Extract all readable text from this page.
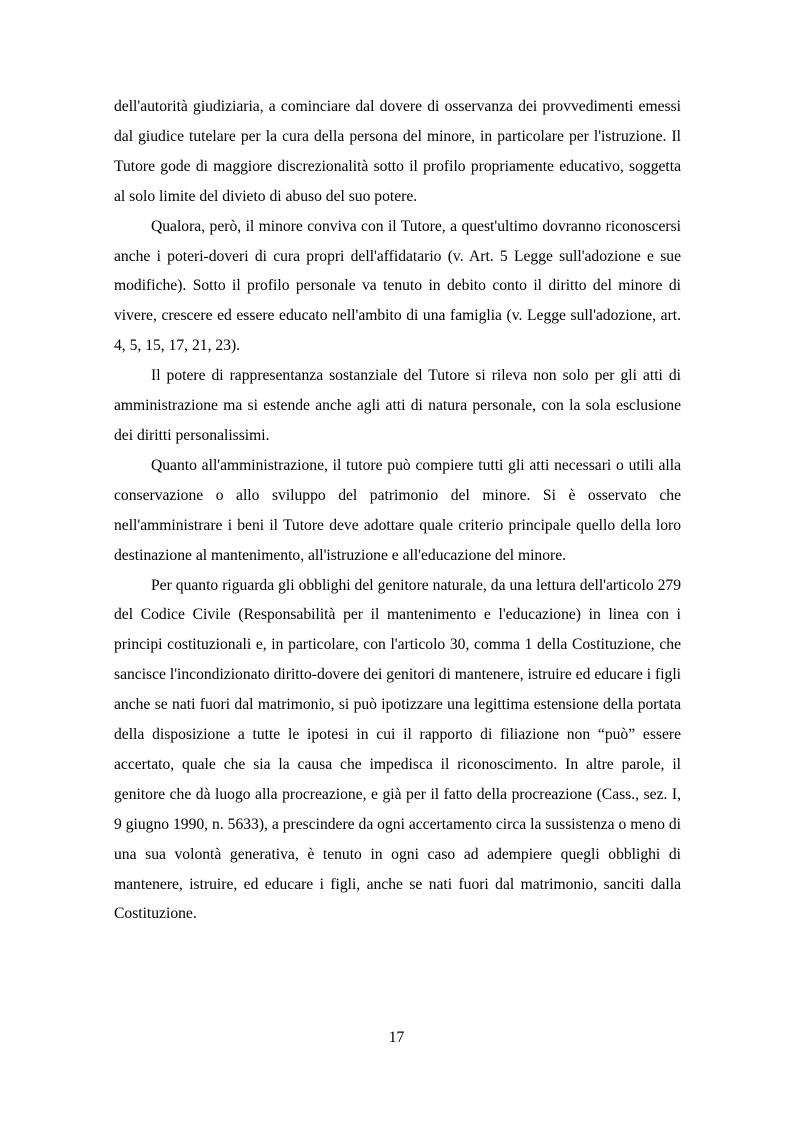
dell'autorità giudiziaria, a cominciare dal dovere di osservanza dei provvedimenti emessi dal giudice tutelare per la cura della persona del minore, in particolare per l'istruzione. Il Tutore gode di maggiore discrezionalità sotto il profilo propriamente educativo, soggetta al solo limite del divieto di abuso del suo potere.

Qualora, però, il minore conviva con il Tutore, a quest'ultimo dovranno riconoscersi anche i poteri-doveri di cura propri dell'affidatario (v. Art. 5 Legge sull'adozione e sue modifiche). Sotto il profilo personale va tenuto in debito conto il diritto del minore di vivere, crescere ed essere educato nell'ambito di una famiglia (v. Legge sull'adozione, art. 4, 5, 15, 17, 21, 23).

Il potere di rappresentanza sostanziale del Tutore si rileva non solo per gli atti di amministrazione ma si estende anche agli atti di natura personale, con la sola esclusione dei diritti personalissimi.

Quanto all'amministrazione, il tutore può compiere tutti gli atti necessari o utili alla conservazione o allo sviluppo del patrimonio del minore. Si è osservato che nell'amministrare i beni il Tutore deve adottare quale criterio principale quello della loro destinazione al mantenimento, all'istruzione e all'educazione del minore.

Per quanto riguarda gli obblighi del genitore naturale, da una lettura dell'articolo 279 del Codice Civile (Responsabilità per il mantenimento e l'educazione) in linea con i principi costituzionali e, in particolare, con l'articolo 30, comma 1 della Costituzione, che sancisce l'incondizionato diritto-dovere dei genitori di mantenere, istruire ed educare i figli anche se nati fuori dal matrimonio, si può ipotizzare una legittima estensione della portata della disposizione a tutte le ipotesi in cui il rapporto di filiazione non “può” essere accertato, quale che sia la causa che impedisca il riconoscimento. In altre parole, il genitore che dà luogo alla procreazione, e già per il fatto della procreazione (Cass., sez. I, 9 giugno 1990, n. 5633), a prescindere da ogni accertamento circa la sussistenza o meno di una sua volontà generativa, è tenuto in ogni caso ad adempiere quegli obblighi di mantenere, istruire, ed educare i figli, anche se nati fuori dal matrimonio, sanciti dalla Costituzione.

17
